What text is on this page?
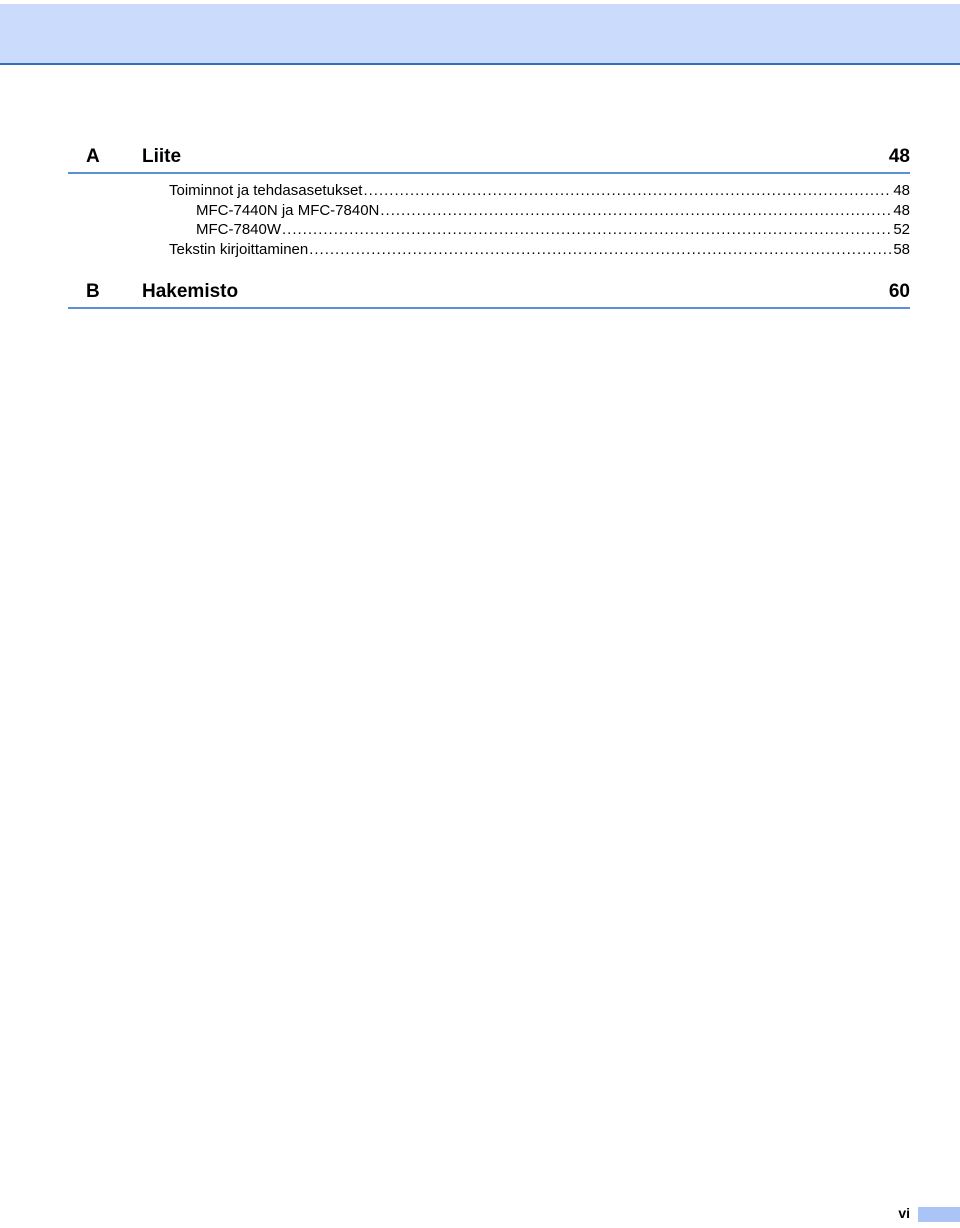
A Liite	48
Toiminnot ja tehdasasetukset .....	48
MFC-7440N ja MFC-7840N .....	48
MFC-7840W .....	52
Tekstin kirjoittaminen .....	58
B Hakemisto	60
vi
